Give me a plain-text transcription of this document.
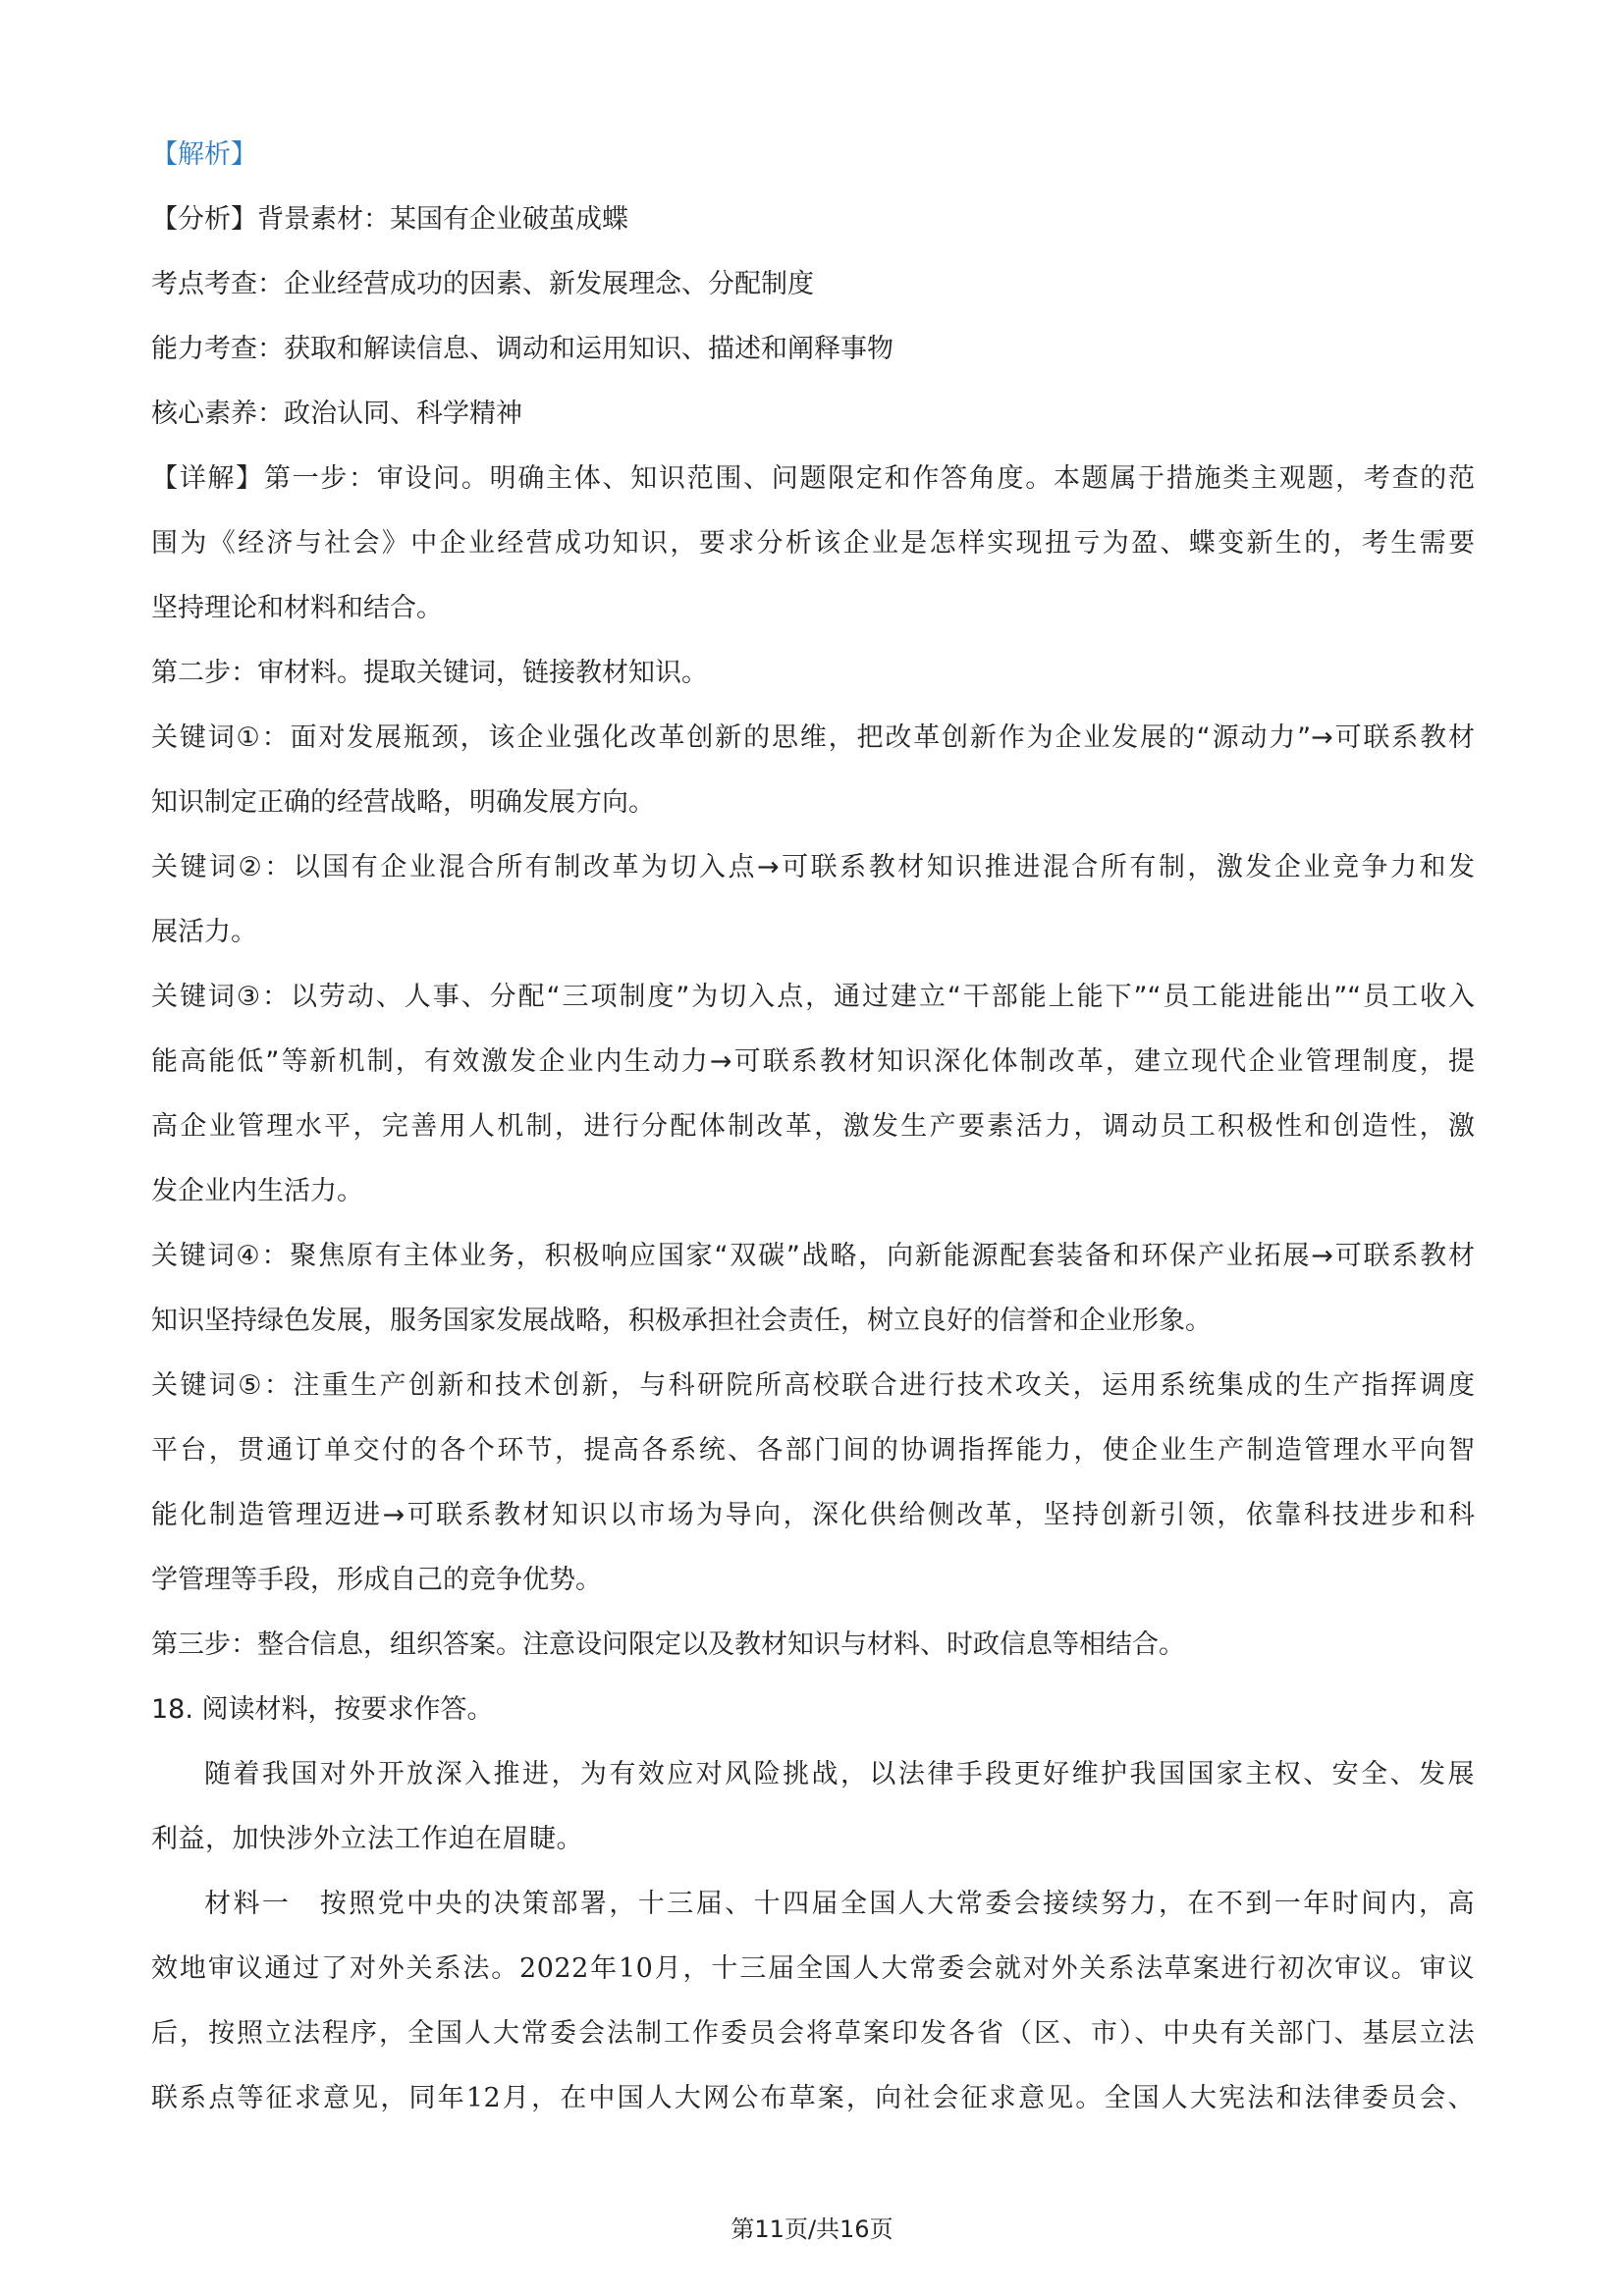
【解析】
【分析】背景素材：某国有企业破茧成蝶
考点考查：企业经营成功的因素、新发展理念、分配制度
能力考查：获取和解读信息、调动和运用知识、描述和阐释事物
核心素养：政治认同、科学精神
【详解】第一步：审设问。明确主体、知识范围、问题限定和作答角度。本题属于措施类主观题，考查的范
围为《经济与社会》中企业经营成功知识，要求分析该企业是怎样实现扭亏为盈、蝶变新生的，考生需要
坚持理论和材料和结合。
第二步：审材料。提取关键词，链接教材知识。
关键词①：面对发展瓶颈，该企业强化改革创新的思维，把改革创新作为企业发展的“源动力”→可联系教材
知识制定正确的经营战略，明确发展方向。
关键词②：以国有企业混合所有制改革为切入点→可联系教材知识推进混合所有制，激发企业竞争力和发
展活力。
关键词③：以劳动、人事、分配“三项制度”为切入点，通过建立“干部能上能下”“员工能进能出”“员工收入
能高能低”等新机制，有效激发企业内生动力→可联系教材知识深化体制改革，建立现代企业管理制度，提
高企业管理水平，完善用人机制，进行分配体制改革，激发生产要素活力，调动员工积极性和创造性，激
发企业内生活力。
关键词④：聚焦原有主体业务，积极响应国家“双碳”战略，向新能源配套装备和环保产业拓展→可联系教材
知识坚持绿色发展，服务国家发展战略，积极承担社会责任，树立良好的信誉和企业形象。
关键词⑤：注重生产创新和技术创新，与科研院所高校联合进行技术攻关，运用系统集成的生产指挥调度
平台，贯通订单交付的各个环节，提高各系统、各部门间的协调指挥能力，使企业生产制造管理水平向智
能化制造管理迈进→可联系教材知识以市场为导向，深化供给侧改革，坚持创新引领，依靠科技进步和科
学管理等手段，形成自己的竞争优势。
第三步：整合信息，组织答案。注意设问限定以及教材知识与材料、时政信息等相结合。
18. 阅读材料，按要求作答。
随着我国对外开放深入推进，为有效应对风险挑战，以法律手段更好维护我国国家主权、安全、发展
利益，加快涉外立法工作迫在眉睫。
材料一　按照党中央的决策部署，十三届、十四届全国人大常委会接续努力，在不到一年时间内，高
效地审议通过了对外关系法。2022年10月，十三届全国人大常委会就对外关系法草案进行初次审议。审议
后，按照立法程序，全国人大常委会法制工作委员会将草案印发各省（区、市）、中央有关部门、基层立法
联系点等征求意见，同年12月，在中国人大网公布草案，向社会征求意见。全国人大宪法和法律委员会、
第11页/共16页
